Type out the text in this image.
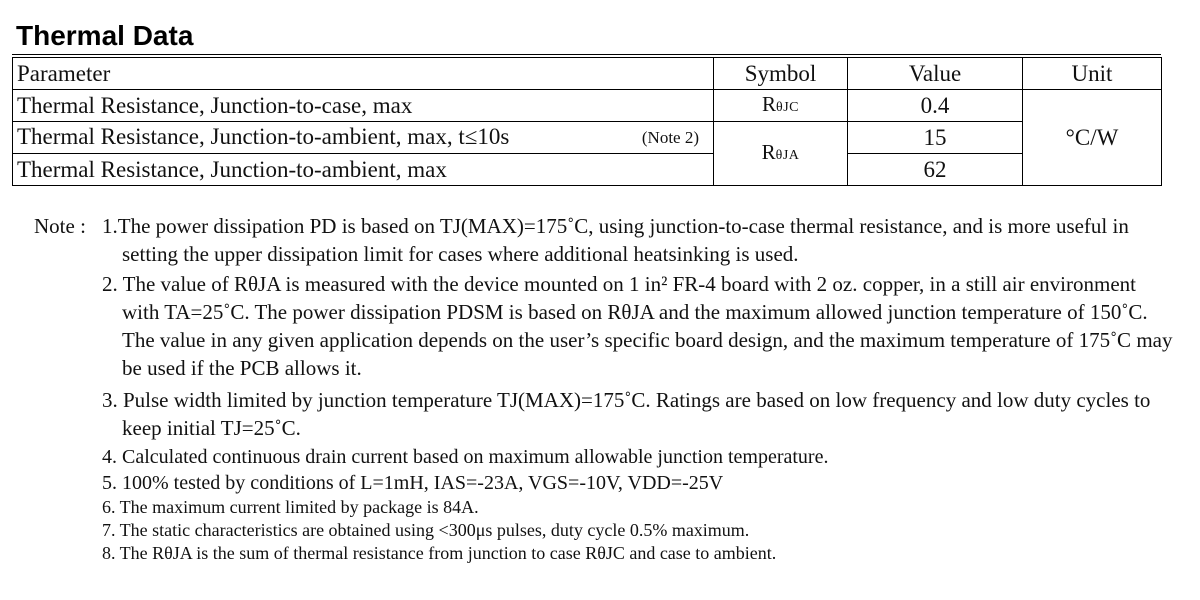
Thermal Data
Parameter	Symbol	Value	Unit
Thermal Resistance, Junction-to-case, max	RθJC	0.4	°C/W
Thermal Resistance, Junction-to-ambient, max, t≤10s (Note 2)	RθJA	15	
Thermal Resistance, Junction-to-ambient, max		62	
Note : 1.The power dissipation PD is based on TJ(MAX)=175˚C, using junction-to-case thermal resistance, and is more useful in setting the upper dissipation limit for cases where additional heatsinking is used.
2. The value of RθJA is measured with the device mounted on 1 in² FR-4 board with 2 oz. copper, in a still air environment with TA=25˚C. The power dissipation PDSM is based on RθJA and the maximum allowed junction temperature of 150˚C. The value in any given application depends on the user’s specific board design, and the maximum temperature of 175˚C may be used if the PCB allows it.
3. Pulse width limited by junction temperature TJ(MAX)=175˚C. Ratings are based on low frequency and low duty cycles to keep initial TJ=25˚C.
4. Calculated continuous drain current based on maximum allowable junction temperature.
5. 100% tested by conditions of L=1mH, IAS=-23A, VGS=-10V, VDD=-25V
6. The maximum current limited by package is 84A.
7. The static characteristics are obtained using <300μs pulses, duty cycle 0.5% maximum.
8. The RθJA is the sum of thermal resistance from junction to case RθJC and case to ambient.
